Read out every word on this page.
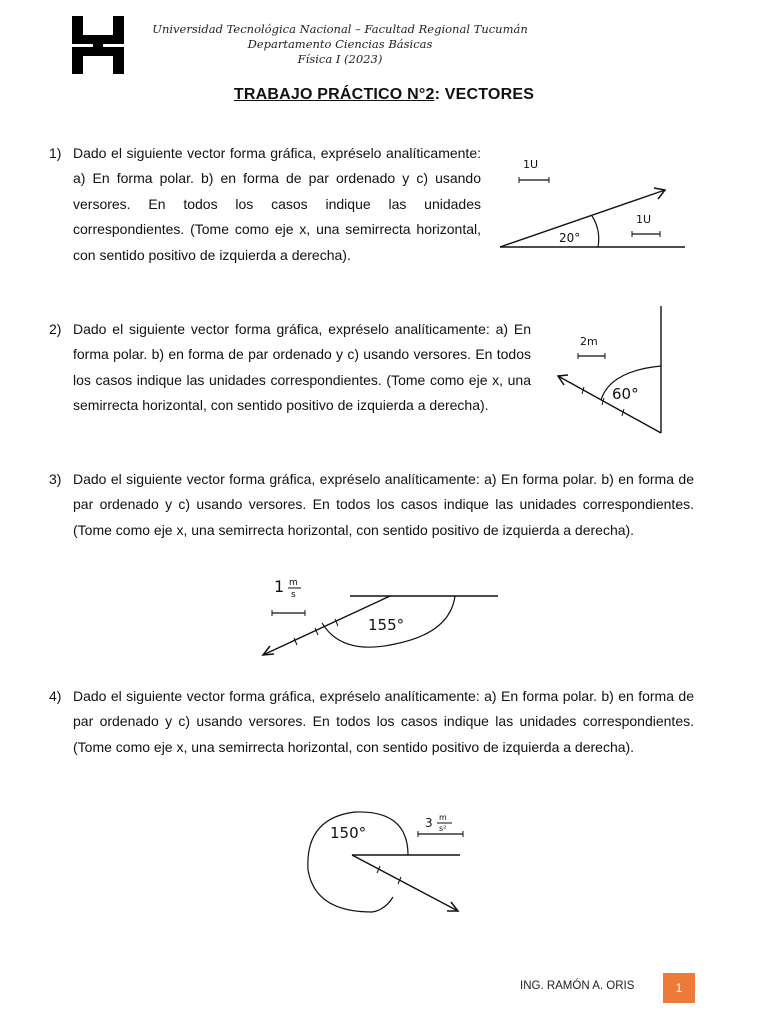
Universidad Tecnológica Nacional – Facultad Regional Tucumán
Departamento Ciencias Básicas
Física I (2023)
TRABAJO PRÁCTICO N°2: VECTORES
1) Dado el siguiente vector forma gráfica, expréselo analíticamente: a) En forma polar. b) en forma de par ordenado y c) usando versores. En todos los casos indique las unidades correspondientes. (Tome como eje x, una semirrecta horizontal, con sentido positivo de izquierda a derecha).
1U
20°
1U
2) Dado el siguiente vector forma gráfica, expréselo analíticamente: a) En forma polar. b) en forma de par ordenado y c) usando versores. En todos los casos indique las unidades correspondientes. (Tome como eje x, una semirrecta horizontal, con sentido positivo de izquierda a derecha).
60°
2m
3) Dado el siguiente vector forma gráfica, expréselo analíticamente: a) En forma polar. b) en forma de par ordenado y c) usando versores. En todos los casos indique las unidades correspondientes. (Tome como eje x, una semirrecta horizontal, con sentido positivo de izquierda a derecha).
1 m
s
155°
4) Dado el siguiente vector forma gráfica, expréselo analíticamente: a) En forma polar. b) en forma de par ordenado y c) usando versores. En todos los casos indique las unidades correspondientes. (Tome como eje x, una semirrecta horizontal, con sentido positivo de izquierda a derecha).
150°
3 m
s²
ING. RAMÓN A. ORIS	1
